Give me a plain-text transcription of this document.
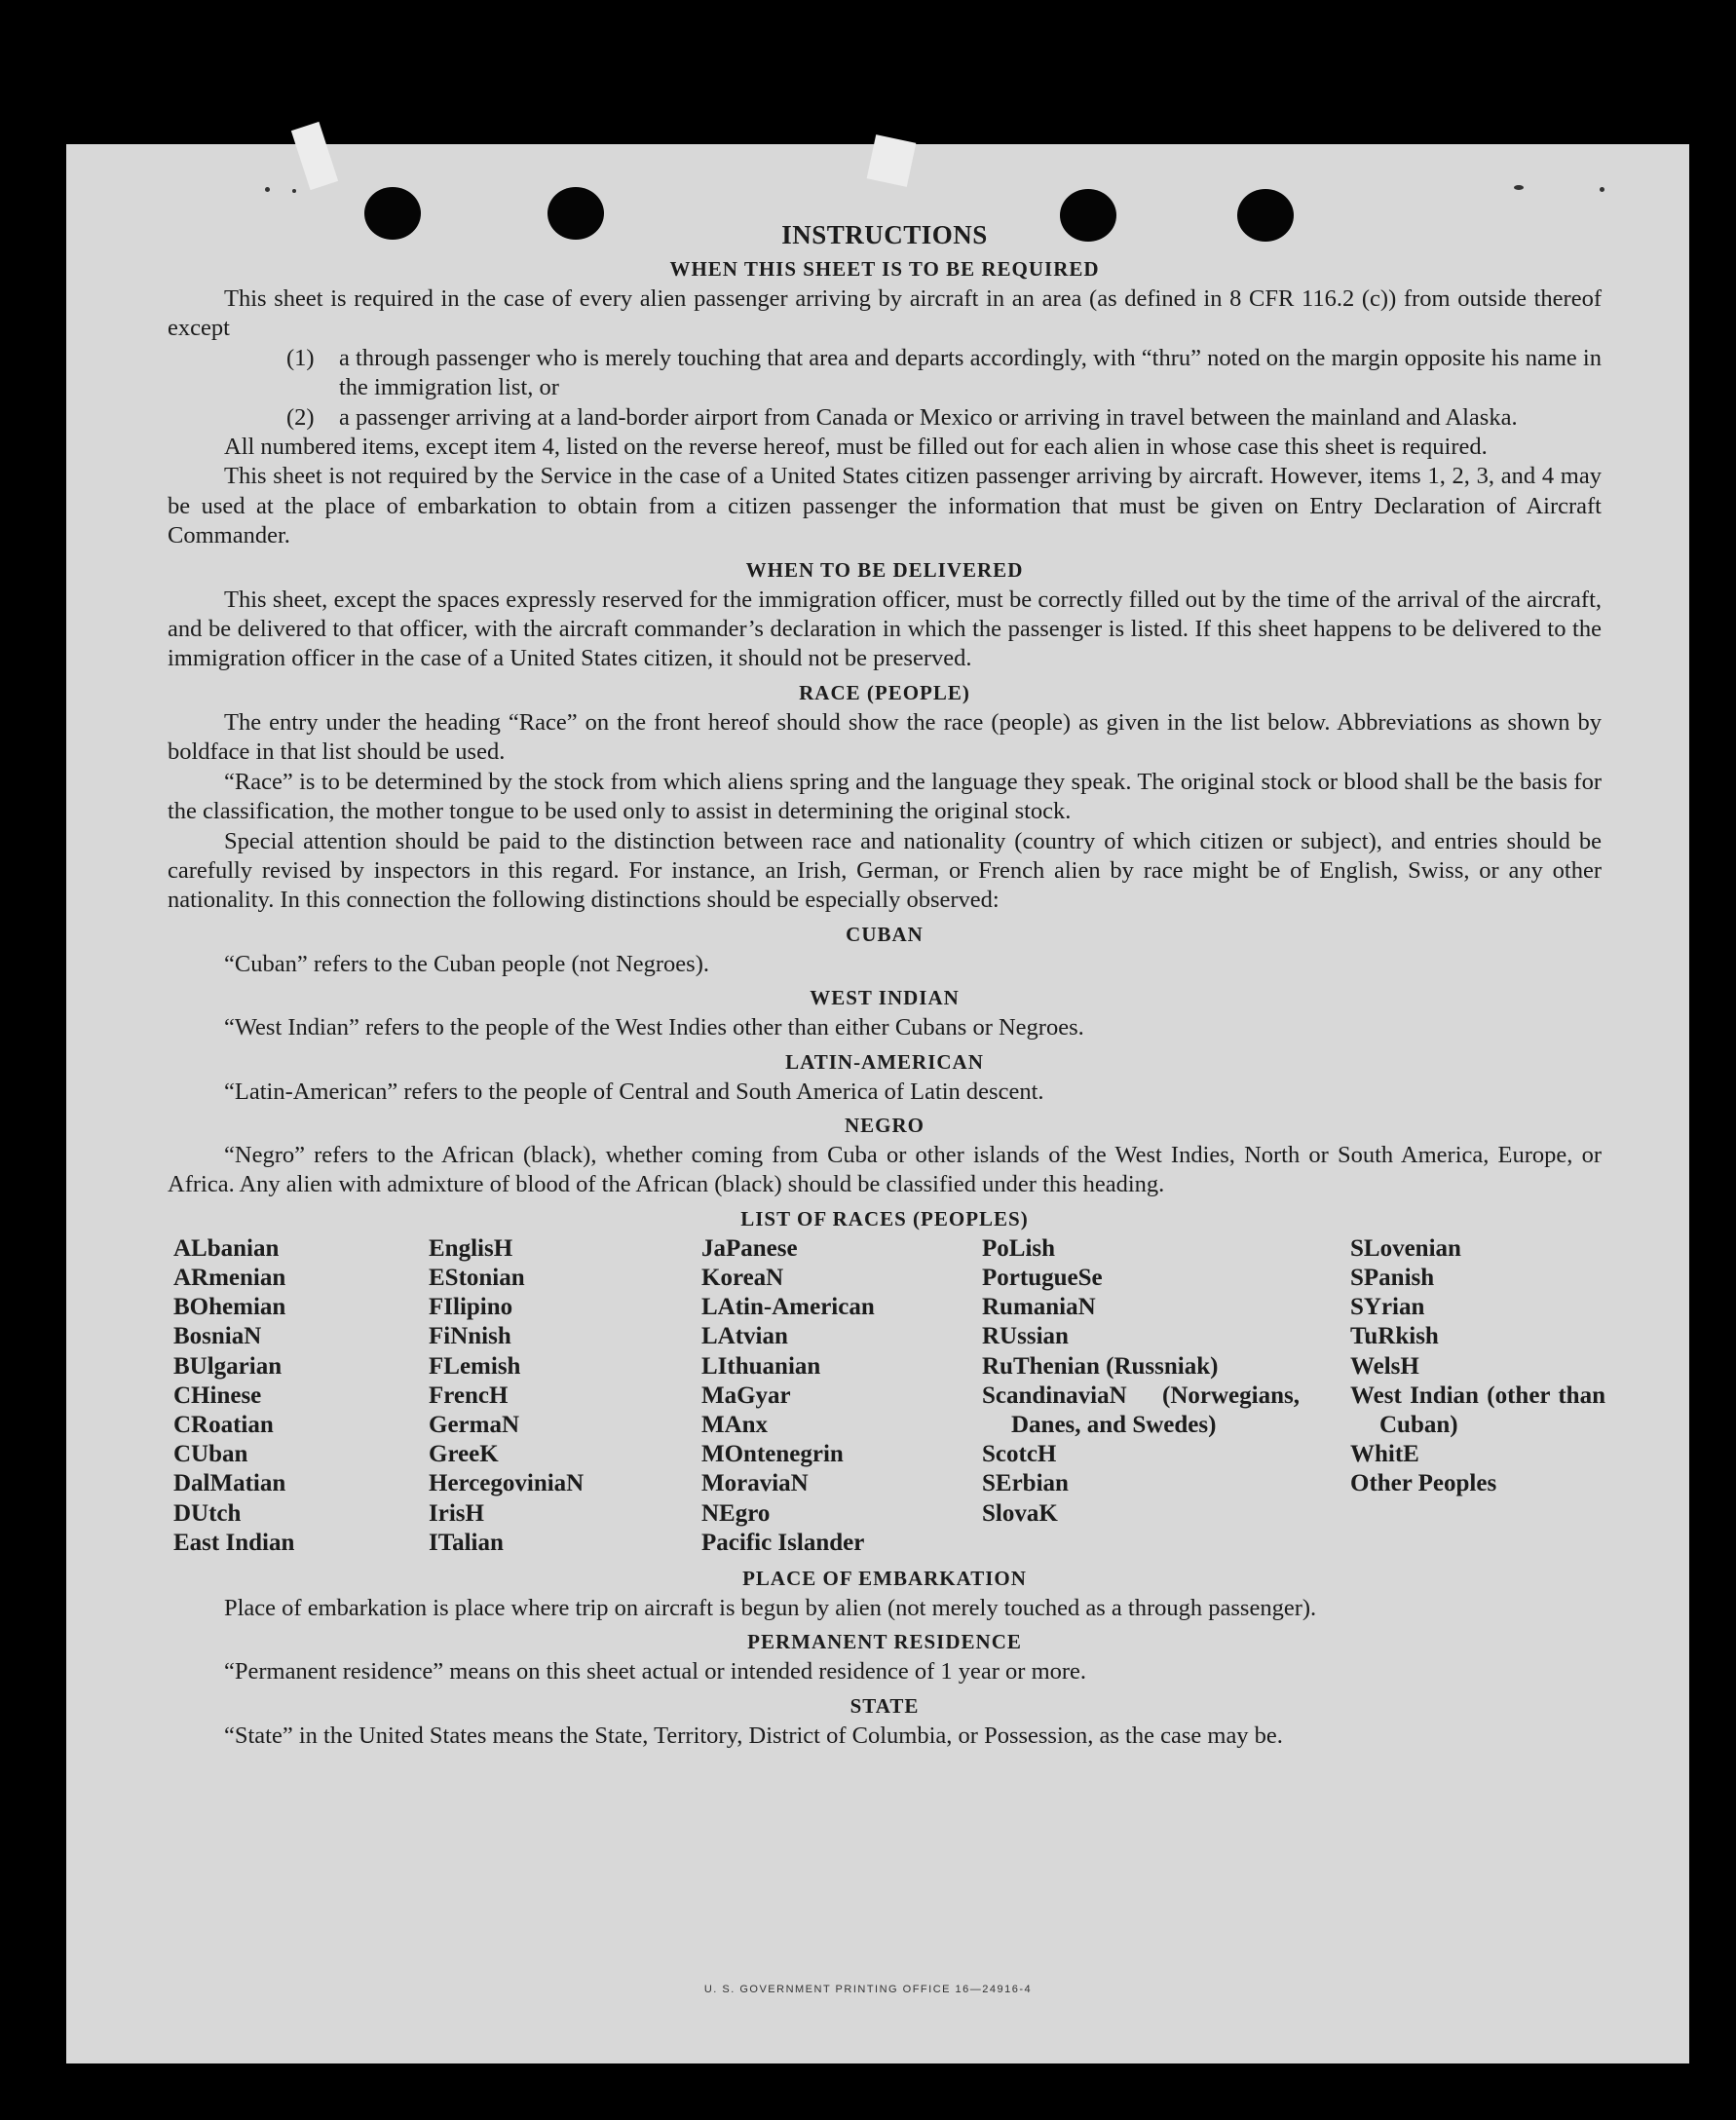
INSTRUCTIONS
WHEN THIS SHEET IS TO BE REQUIRED

This sheet is required in the case of every alien passenger arriving by aircraft in an area (as defined in 8 CFR 116.2 (c)) from outside thereof except

(1)	a through passenger who is merely touching that area and departs accordingly, with “thru” noted on the margin opposite his name in the immigration list, or
(2)	a passenger arriving at a land-border airport from Canada or Mexico or arriving in travel between the mainland and Alaska.

All numbered items, except item 4, listed on the reverse hereof, must be filled out for each alien in whose case this sheet is required.

This sheet is not required by the Service in the case of a United States citizen passenger arriving by aircraft. However, items 1, 2, 3, and 4 may be used at the place of embarkation to obtain from a citizen passenger the information that must be given on Entry Declaration of Aircraft Commander.

WHEN TO BE DELIVERED

This sheet, except the spaces expressly reserved for the immigration officer, must be correctly filled out by the time of the arrival of the aircraft, and be delivered to that officer, with the aircraft commander’s declaration in which the passenger is listed. If this sheet happens to be delivered to the immigration officer in the case of a United States citizen, it should not be preserved.

RACE (PEOPLE)

The entry under the heading “Race” on the front hereof should show the race (people) as given in the list below. Abbreviations as shown by boldface in that list should be used.

“Race” is to be determined by the stock from which aliens spring and the language they speak. The original stock or blood shall be the basis for the classification, the mother tongue to be used only to assist in determining the original stock.

Special attention should be paid to the distinction between race and nationality (country of which citizen or subject), and entries should be carefully revised by inspectors in this regard. For instance, an Irish, German, or French alien by race might be of English, Swiss, or any other nationality. In this connection the following distinctions should be especially observed:

CUBAN

“Cuban” refers to the Cuban people (not Negroes).

WEST INDIAN

“West Indian” refers to the people of the West Indies other than either Cubans or Negroes.

LATIN-AMERICAN

“Latin-American” refers to the people of Central and South America of Latin descent.

NEGRO

“Negro” refers to the African (black), whether coming from Cuba or other islands of the West Indies, North or South America, Europe, or Africa. Any alien with admixture of blood of the African (black) should be classified under this heading.

LIST OF RACES (PEOPLES)
ALbanian
ARmenian
BOhemian
BosniaN
BUlgarian
CHinese
CRoatian
CUban
DalMatian
DUtch
East Indian
EnglisH
EStonian
FIlipino
FiNnish
FLemish
FrencH
GermaN
GreeK
HercegoviniaN
IrisH
ITalian
JaPanese
KoreaN
LAtin-American
LAtvian
LIthuanian
MaGyar
MAnx
MOntenegrin
MoraviaN
NEgro
Pacific Islander
PoLish
PortugueSe
RumaniaN
RUssian
RuThenian (Russniak)
ScandinaviaN (Norwegians, Danes, and Swedes)
ScotcH
SErbian
SlovaK
SLovenian
SPanish
SYrian
TuRkish
WelsH
West Indian (other than Cuban)
WhitE
Other Peoples
PLACE OF EMBARKATION

Place of embarkation is place where trip on aircraft is begun by alien (not merely touched as a through passenger).

PERMANENT RESIDENCE

“Permanent residence” means on this sheet actual or intended residence of 1 year or more.

STATE

“State” in the United States means the State, Territory, District of Columbia, or Possession, as the case may be.

U. S. GOVERNMENT PRINTING OFFICE 16—24916-4
